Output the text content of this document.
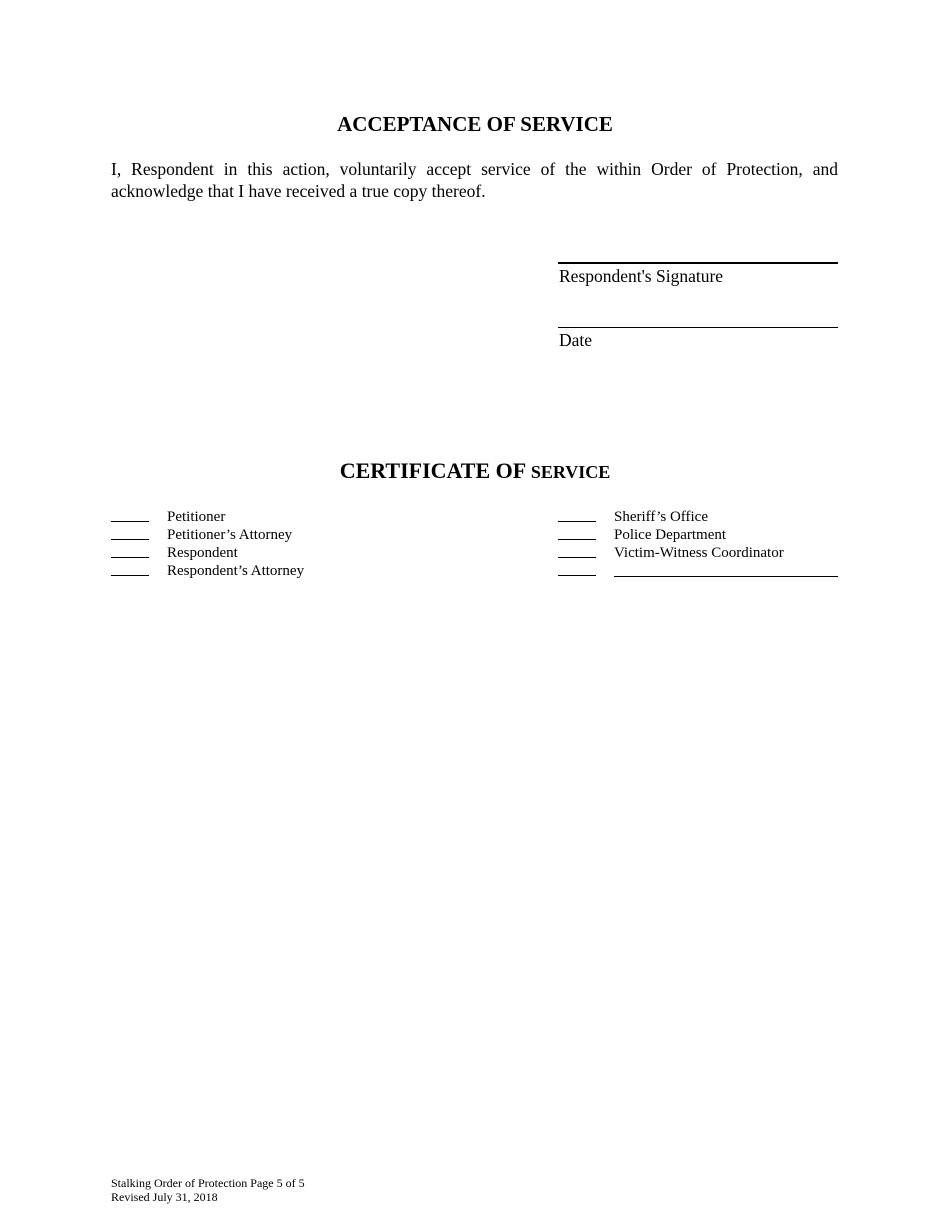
ACCEPTANCE OF SERVICE
I, Respondent in this action, voluntarily accept service of the within Order of Protection, and acknowledge that I have received a true copy thereof.
Respondent's Signature
Date
CERTIFICATE OF SERVICE
Petitioner
Petitioner’s Attorney
Respondent
Respondent’s Attorney
Sheriff’s Office
Police Department
Victim-Witness Coordinator
Stalking Order of Protection Page 5 of 5
Revised July 31, 2018
